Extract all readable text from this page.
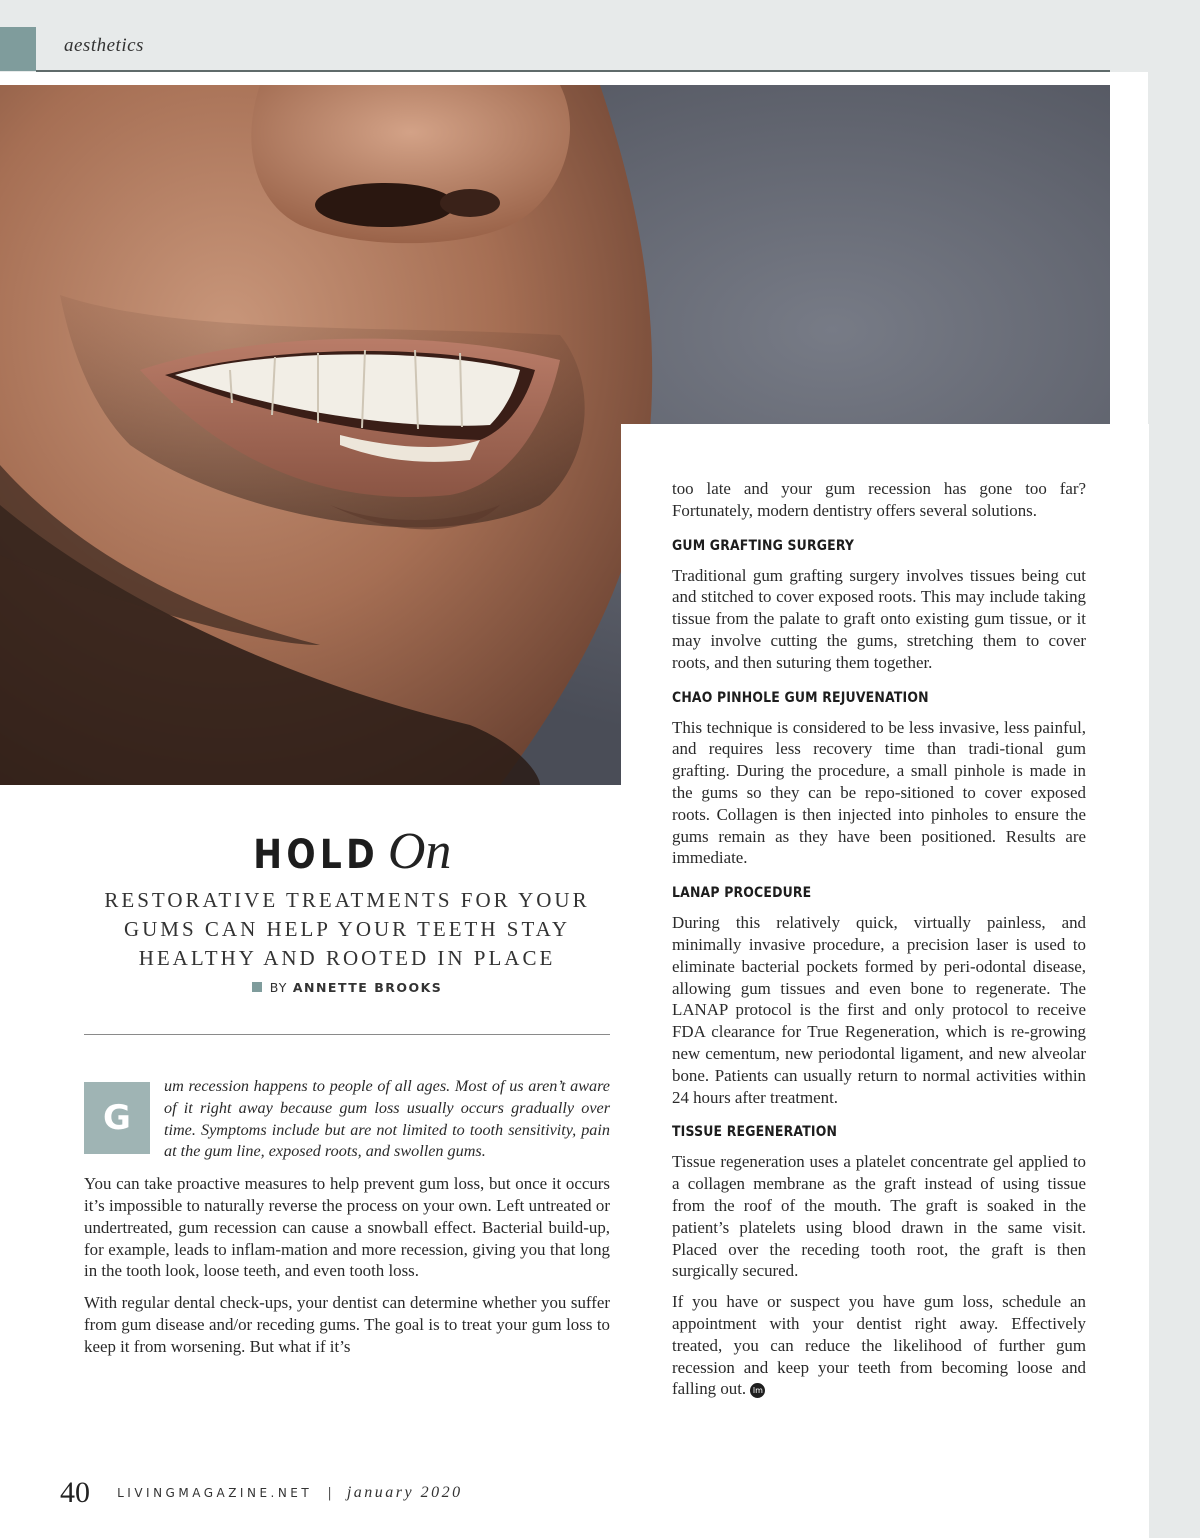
aesthetics

too late and your gum recession has gone too far? Fortunately, modern dentistry offers several solutions.

GUM GRAFTING SURGERY

Traditional gum grafting surgery involves tissues being cut and stitched to cover exposed roots. This may include taking tissue from the palate to graft onto existing gum tissue, or it may involve cutting the gums, stretching them to cover roots, and then suturing them together.

CHAO PINHOLE GUM REJUVENATION

This technique is considered to be less invasive, less painful, and requires less recovery time than tradi-tional gum grafting. During the procedure, a small pinhole is made in the gums so they can be repo-sitioned to cover exposed roots. Collagen is then injected into pinholes to ensure the gums remain as they have been positioned. Results are immediate.

LANAP PROCEDURE

During this relatively quick, virtually painless, and minimally invasive procedure, a precision laser is used to eliminate bacterial pockets formed by peri-odontal disease, allowing gum tissues and even bone to regenerate. The LANAP protocol is the first and only protocol to receive FDA clearance for True Regeneration, which is re-growing new cementum, new periodontal ligament, and new alveolar bone. Patients can usually return to normal activities within 24 hours after treatment.

TISSUE REGENERATION

Tissue regeneration uses a platelet concentrate gel applied to a collagen membrane as the graft instead of using tissue from the roof of the mouth. The graft is soaked in the patient’s platelets using blood drawn in the same visit. Placed over the receding tooth root, the graft is then surgically secured.

If you have or suspect you have gum loss, schedule an appointment with your dentist right away. Effectively treated, you can reduce the likelihood of further gum recession and keep your teeth from becoming loose and falling out. lm

HOLD On
RESTORATIVE TREATMENTS FOR YOUR
GUMS CAN HELP YOUR TEETH STAY
HEALTHY AND ROOTED IN PLACE
BY ANNETTE BROOKS
G

um recession happens to people of all ages. Most of us aren’t aware of it right away because gum loss usually occurs gradually over time. Symptoms include but are not limited to tooth sensitivity, pain at the gum line, exposed roots, and swollen gums.

You can take proactive measures to help prevent gum loss, but once it occurs it’s impossible to naturally reverse the process on your own. Left untreated or undertreated, gum recession can cause a snowball effect. Bacterial build-up, for example, leads to inflam-mation and more recession, giving you that long in the tooth look, loose teeth, and even tooth loss.

With regular dental check-ups, your dentist can determine whether you suffer from gum disease and/or receding gums. The goal is to treat your gum loss to keep it from worsening. But what if it’s

40 LIVINGMAGAZINE.NET | january 2020
